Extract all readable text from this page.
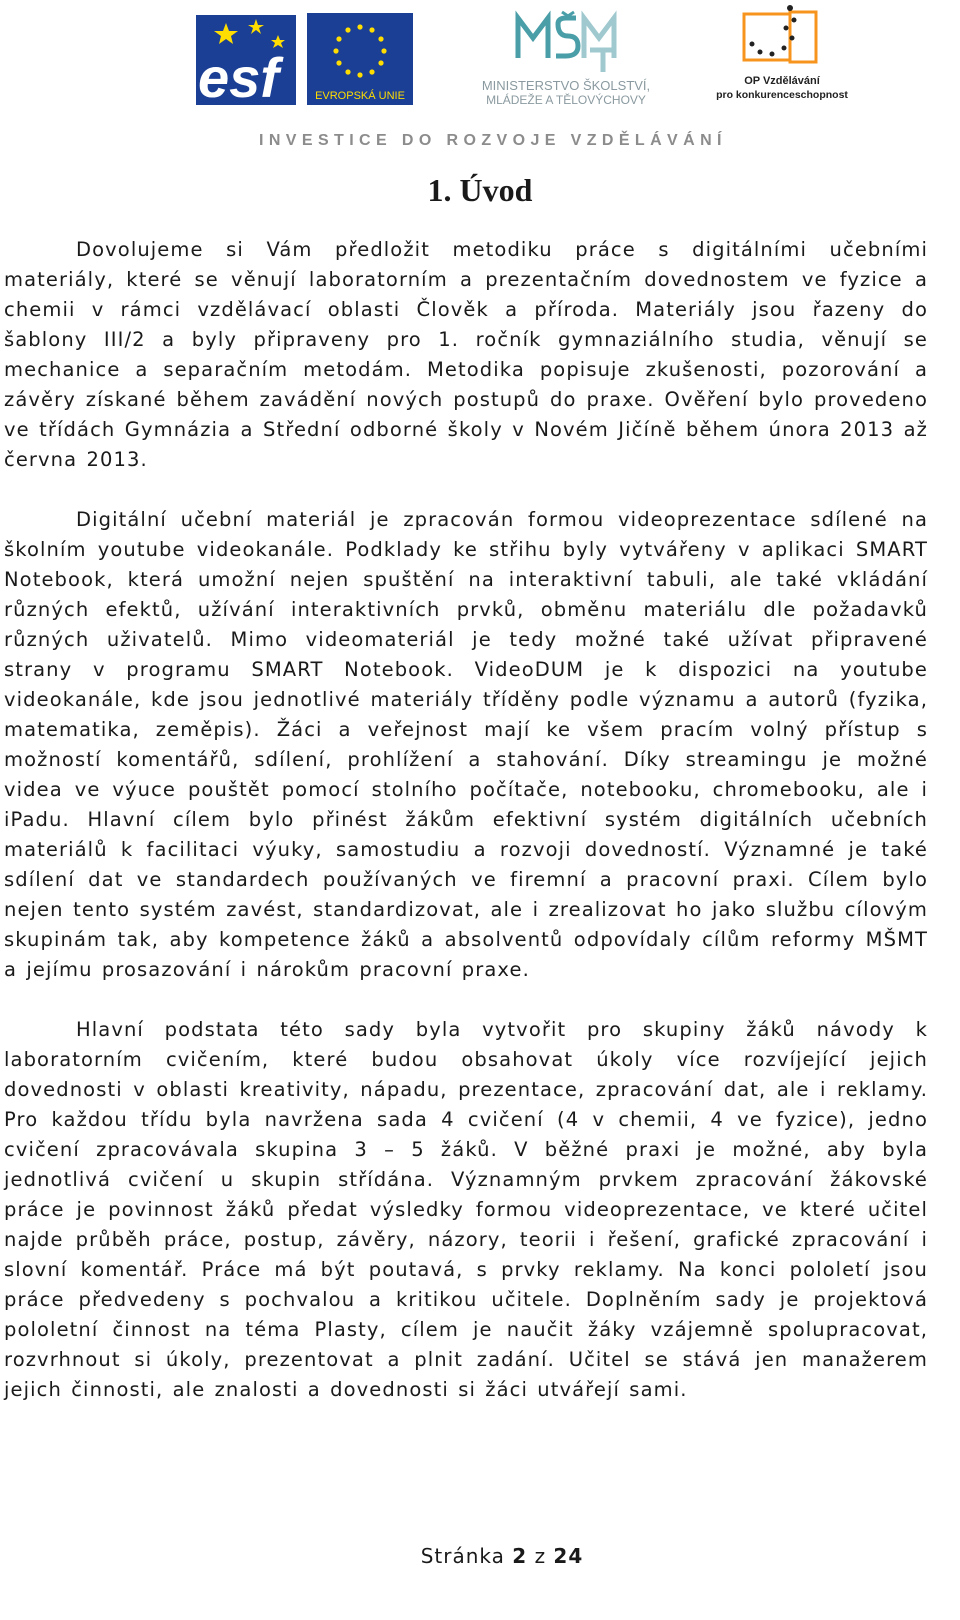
esf	EVROPSKÁ UNIE
MINISTERSTVO ŠKOLSTVÍ,
MLÁDEŽE A TĚLOVÝCHOVY
OP Vzdělávání
pro konkurenceschopnost
INVESTICE DO ROZVOJE VZDĚLÁVÁNÍ
1. Úvod

Dovolujeme si Vám předložit metodiku práce s digitálními učebními materiály, které se věnují laboratorním a prezentačním dovednostem ve fyzice a chemii v rámci vzdělávací oblasti Člověk a příroda. Materiály jsou řazeny do šablony III/2 a byly připraveny pro 1. ročník gymnaziálního studia, věnují se mechanice a separačním metodám. Metodika popisuje zkušenosti, pozorování a závěry získané během zavádění nových postupů do praxe. Ověření bylo provedeno ve třídách Gymnázia a Střední odborné školy v Novém Jičíně během února 2013 až června 2013.

Digitální učební materiál je zpracován formou videoprezentace sdílené na školním youtube videokanále. Podklady ke střihu byly vytvářeny v aplikaci SMART Notebook, která umožní nejen spuštění na interaktivní tabuli, ale také vkládání různých efektů, užívání interaktivních prvků, obměnu materiálu dle požadavků různých uživatelů. Mimo videomateriál je tedy možné také užívat připravené strany v programu SMART Notebook. VideoDUM je k dispozici na youtube videokanále, kde jsou jednotlivé materiály tříděny podle významu a autorů (fyzika, matematika, zeměpis). Žáci a veřejnost mají ke všem pracím volný přístup s možností komentářů, sdílení, prohlížení a stahování. Díky streamingu je možné videa ve výuce pouštět pomocí stolního počítače, notebooku, chromebooku, ale i iPadu. Hlavní cílem bylo přinést žákům efektivní systém digitálních učebních materiálů k facilitaci výuky, samostudiu a rozvoji dovedností. Významné je také sdílení dat ve standardech používaných ve firemní a pracovní praxi. Cílem bylo nejen tento systém zavést, standardizovat, ale i zrealizovat ho jako službu cílovým skupinám tak, aby kompetence žáků a absolventů odpovídaly cílům reformy MŠMT a jejímu prosazování i nárokům pracovní praxe.

Hlavní podstata této sady byla vytvořit pro skupiny žáků návody k laboratorním cvičením, které budou obsahovat úkoly více rozvíjející jejich dovednosti v oblasti kreativity, nápadu, prezentace, zpracování dat, ale i reklamy. Pro každou třídu byla navržena sada 4 cvičení (4 v chemii, 4 ve fyzice), jedno cvičení zpracovávala skupina 3 – 5 žáků. V běžné praxi je možné, aby byla jednotlivá cvičení u skupin střídána. Významným prvkem zpracování žákovské práce je povinnost žáků předat výsledky formou videoprezentace, ve které učitel najde průběh práce, postup, závěry, názory, teorii i řešení, grafické zpracování i slovní komentář. Práce má být poutavá, s prvky reklamy. Na konci pololetí jsou práce předvedeny s pochvalou a kritikou učitele. Doplněním sady je projektová pololetní činnost na téma Plasty, cílem je naučit žáky vzájemně spolupracovat, rozvrhnout si úkoly, prezentovat a plnit zadání. Učitel se stává jen manažerem jejich činnosti, ale znalosti a dovednosti si žáci utvářejí sami.

Stránka 2 z 24
